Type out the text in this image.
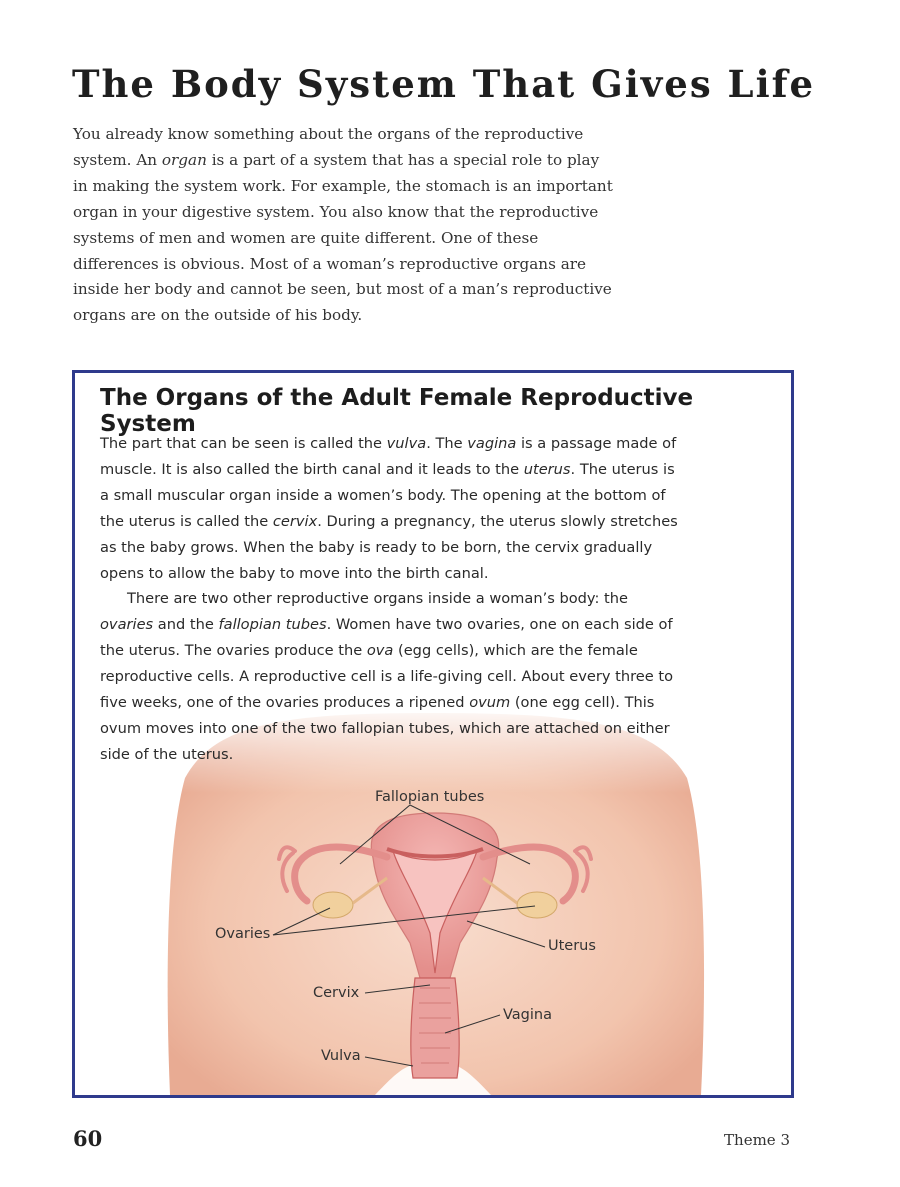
The Body System That Gives Life

You already know something about the organs of the reproductive system. An organ is a part of a system that has a special role to play in making the system work. For example, the stomach is an important organ in your digestive system. You also know that the reproductive systems of men and women are quite different. One of these differences is obvious. Most of a woman’s reproductive organs are inside her body and cannot be seen, but most of a man’s reproductive organs are on the outside of his body.

The Organs of the Adult Female Reproductive System

The part that can be seen is called the vulva. The vagina is a passage made of muscle. It is also called the birth canal and it leads to the uterus. The uterus is a small muscular organ inside a women’s body. The opening at the bottom of the uterus is called the cervix. During a pregnancy, the uterus slowly stretches as the baby grows. When the baby is ready to be born, the cervix gradually opens to allow the baby to move into the birth canal.
There are two other reproductive organs inside a woman’s body: the ovaries and the fallopian tubes. Women have two ovaries, one on each side of the uterus. The ovaries produce the ova (egg cells), which are the female reproductive cells. A reproductive cell is a life-giving cell. About every three to five weeks, one of the ovaries produces a ripened ovum (one egg cell). This ovum moves into one of the two fallopian tubes, which are attached on either side of the uterus.

Fallopian tubes
Ovaries
Uterus
Cervix
Vagina
Vulva
60	Theme 3
